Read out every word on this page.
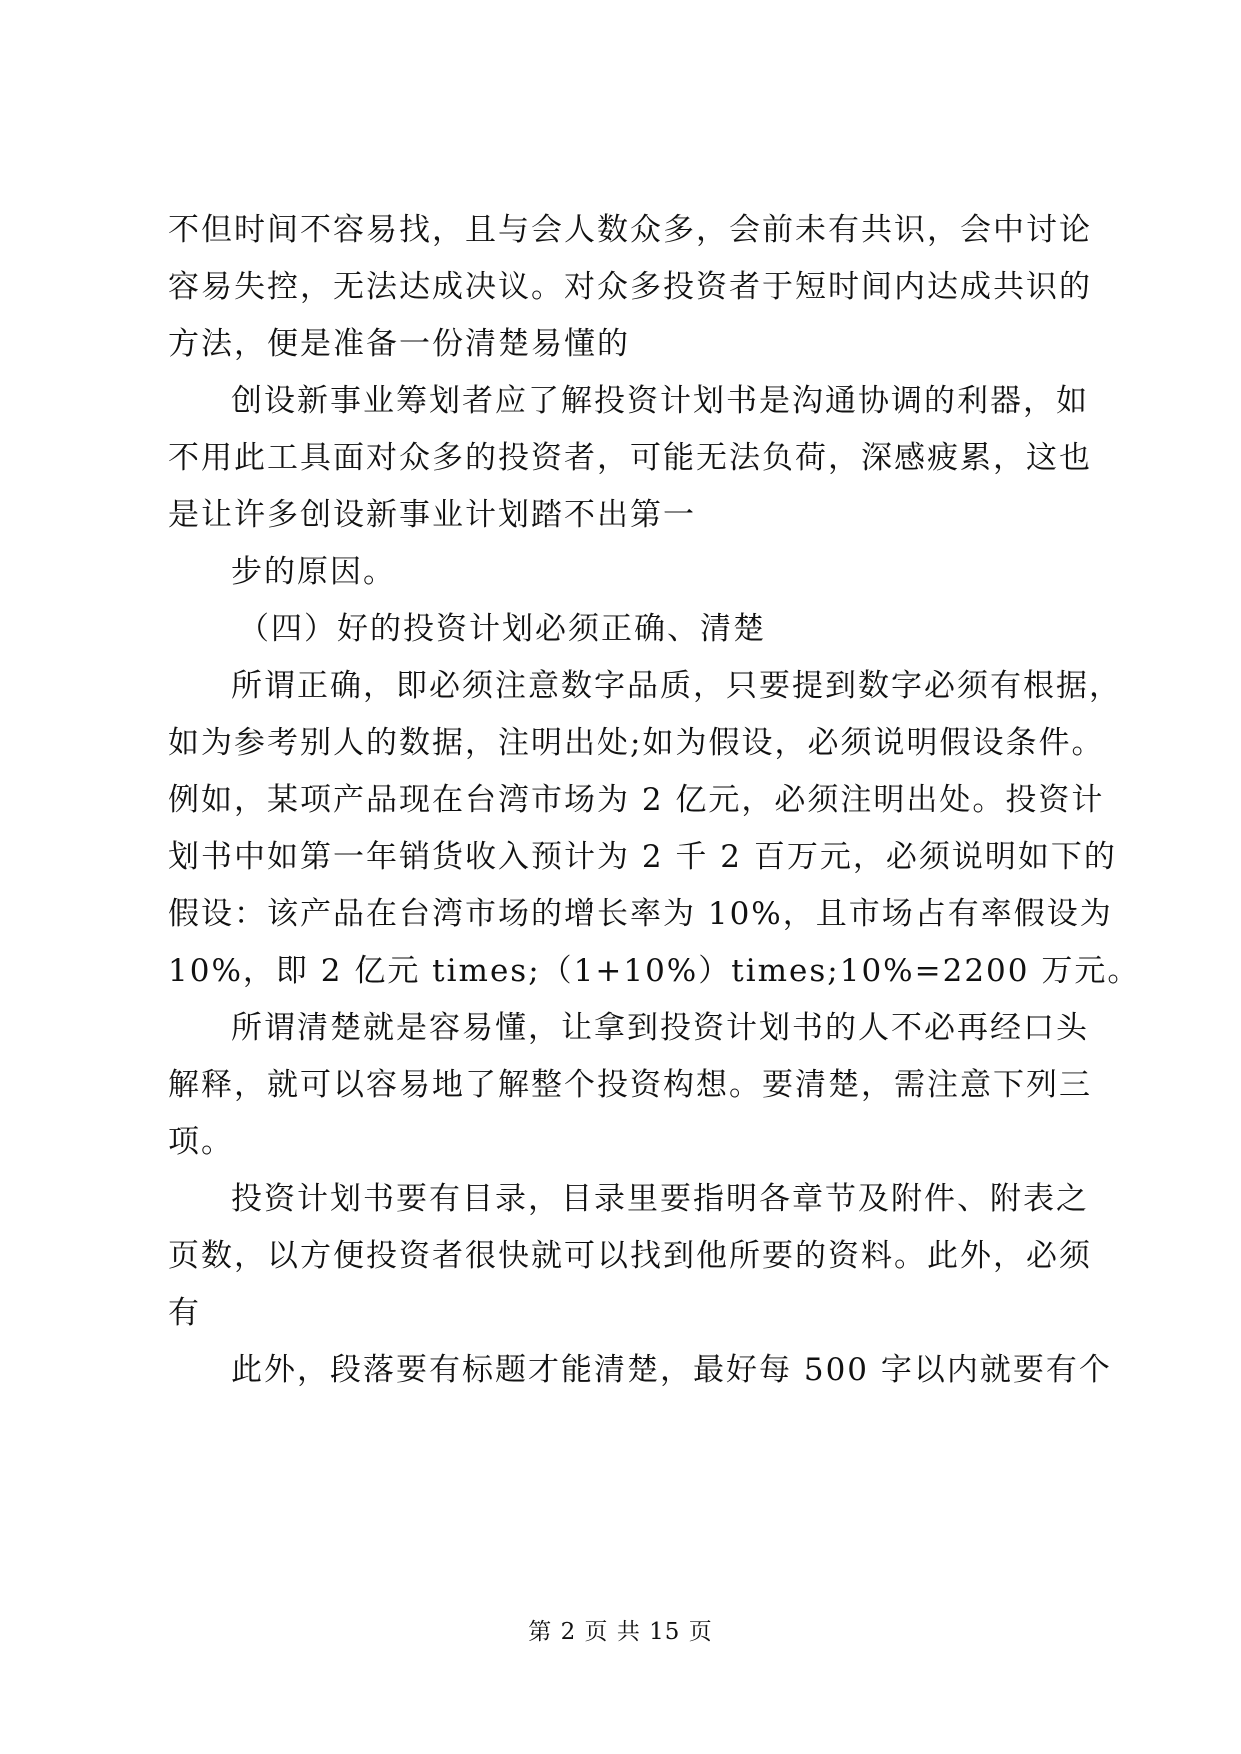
不但时间不容易找，且与会人数众多，会前未有共识，会中讨论
容易失控，无法达成决议。对众多投资者于短时间内达成共识的
方法，便是准备一份清楚易懂的
创设新事业筹划者应了解投资计划书是沟通协调的利器，如
不用此工具面对众多的投资者，可能无法负荷，深感疲累，这也
是让许多创设新事业计划踏不出第一
步的原因。
（四）好的投资计划必须正确、清楚
所谓正确，即必须注意数字品质，只要提到数字必须有根据，
如为参考别人的数据，注明出处;如为假设，必须说明假设条件。
例如，某项产品现在台湾市场为 2 亿元，必须注明出处。投资计
划书中如第一年销货收入预计为 2 千 2 百万元，必须说明如下的
假设：该产品在台湾市场的增长率为 10%，且市场占有率假设为
10%，即 2 亿元 times;（1+10%）times;10%=2200 万元。
所谓清楚就是容易懂，让拿到投资计划书的人不必再经口头
解释，就可以容易地了解整个投资构想。要清楚，需注意下列三
项。
投资计划书要有目录，目录里要指明各章节及附件、附表之
页数，以方便投资者很快就可以找到他所要的资料。此外，必须
有
此外，段落要有标题才能清楚，最好每 500 字以内就要有个
第 2 页 共 15 页
